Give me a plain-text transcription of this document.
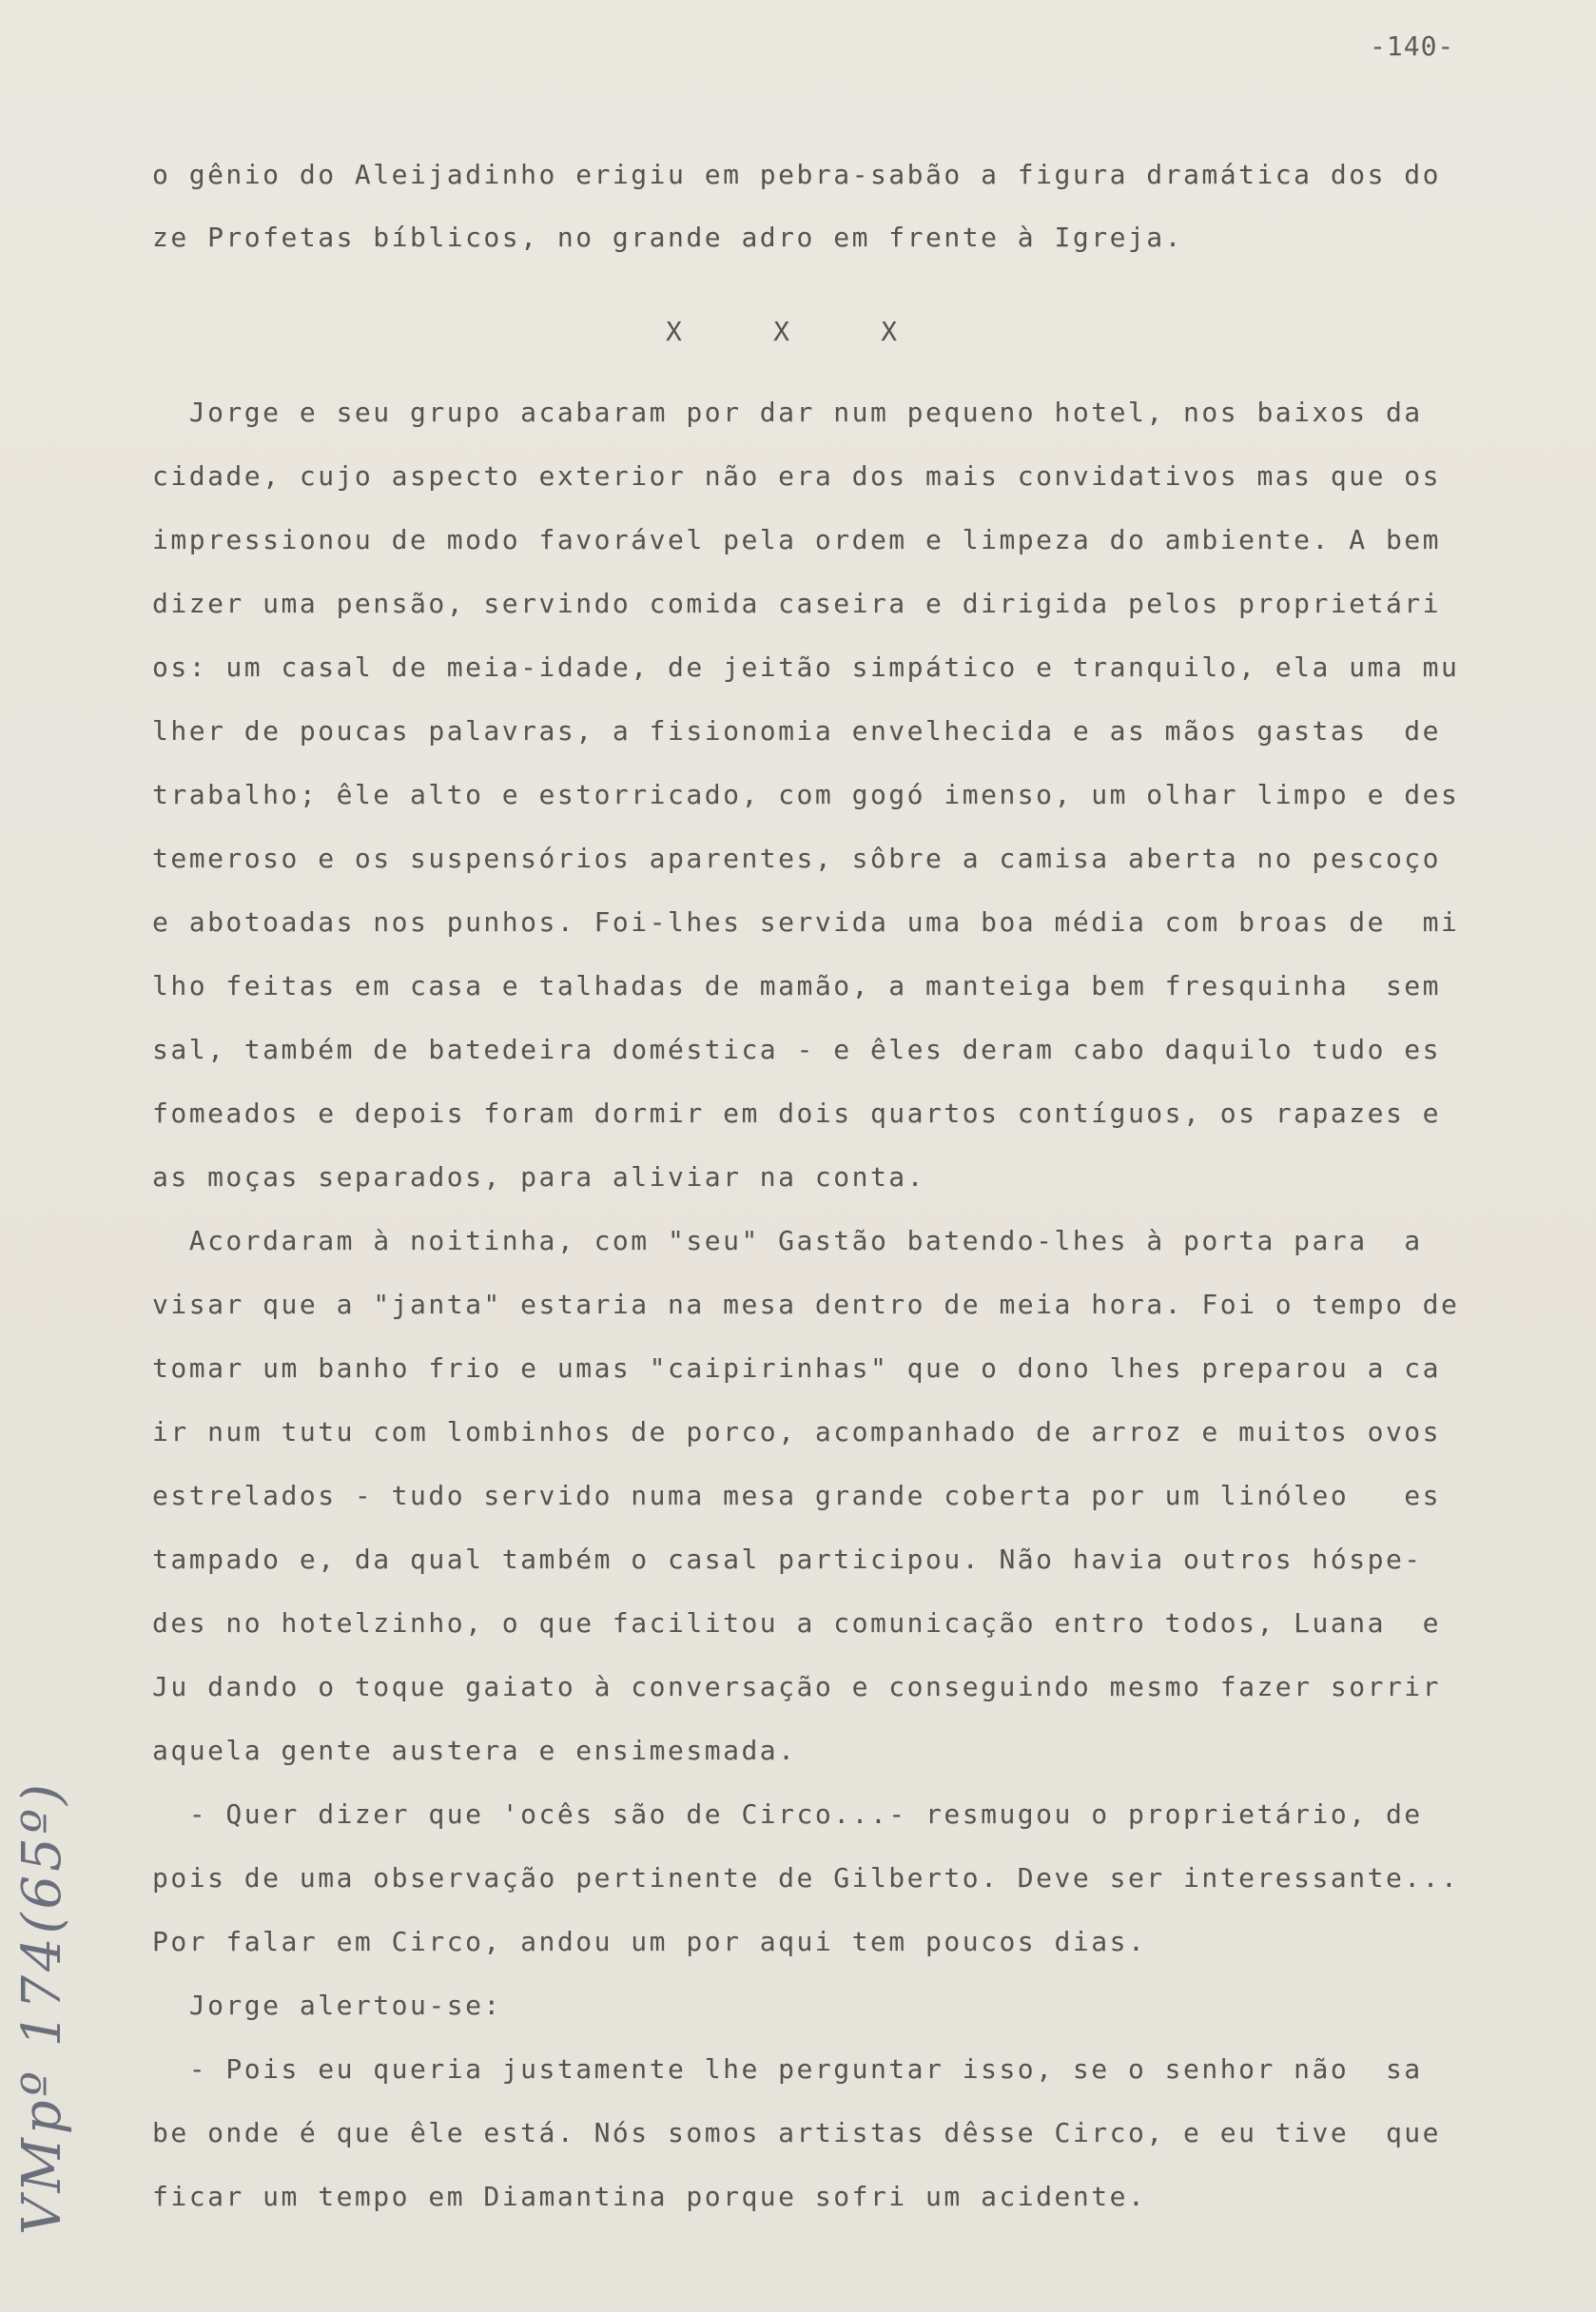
-140-
X     X     X
o gênio do Aleijadinho erigiu em pebra-sabão a figura dramática dos do
ze Profetas bíblicos, no grande adro em frente à Igreja.
Jorge e seu grupo acabaram por dar num pequeno hotel, nos baixos da
cidade, cujo aspecto exterior não era dos mais convidativos mas que os
impressionou de modo favorável pela ordem e limpeza do ambiente. A bem
dizer uma pensão, servindo comida caseira e dirigida pelos proprietári
os: um casal de meia-idade, de jeitão simpático e tranquilo, ela uma mu
lher de poucas palavras, a fisionomia envelhecida e as mãos gastas  de
trabalho; êle alto e estorricado, com gogó imenso, um olhar limpo e des
temeroso e os suspensórios aparentes, sôbre a camisa aberta no pescoço
e abotoadas nos punhos. Foi-lhes servida uma boa média com broas de  mi
lho feitas em casa e talhadas de mamão, a manteiga bem fresquinha  sem
sal, também de batedeira doméstica - e êles deram cabo daquilo tudo es
fomeados e depois foram dormir em dois quartos contíguos, os rapazes e
as moças separados, para aliviar na conta.
Acordaram à noitinha, com "seu" Gastão batendo-lhes à porta para  a
visar que a "janta" estaria na mesa dentro de meia hora. Foi o tempo de
tomar um banho frio e umas "caipirinhas" que o dono lhes preparou a ca
ir num tutu com lombinhos de porco, acompanhado de arroz e muitos ovos
estrelados - tudo servido numa mesa grande coberta por um linóleo   es
tampado e, da qual também o casal participou. Não havia outros hóspe-
des no hotelzinho, o que facilitou a comunicação entro todos, Luana  e
Ju dando o toque gaiato à conversação e conseguindo mesmo fazer sorrir
aquela gente austera e ensimesmada.
- Quer dizer que 'ocês são de Circo...- resmugou o proprietário, de
pois de uma observação pertinente de Gilberto. Deve ser interessante...
Por falar em Circo, andou um por aqui tem poucos dias.
Jorge alertou-se:
- Pois eu queria justamente lhe perguntar isso, se o senhor não  sa
be onde é que êle está. Nós somos artistas dêsse Circo, e eu tive  que
ficar um tempo em Diamantina porque sofri um acidente.
VMpº 174(65º)
